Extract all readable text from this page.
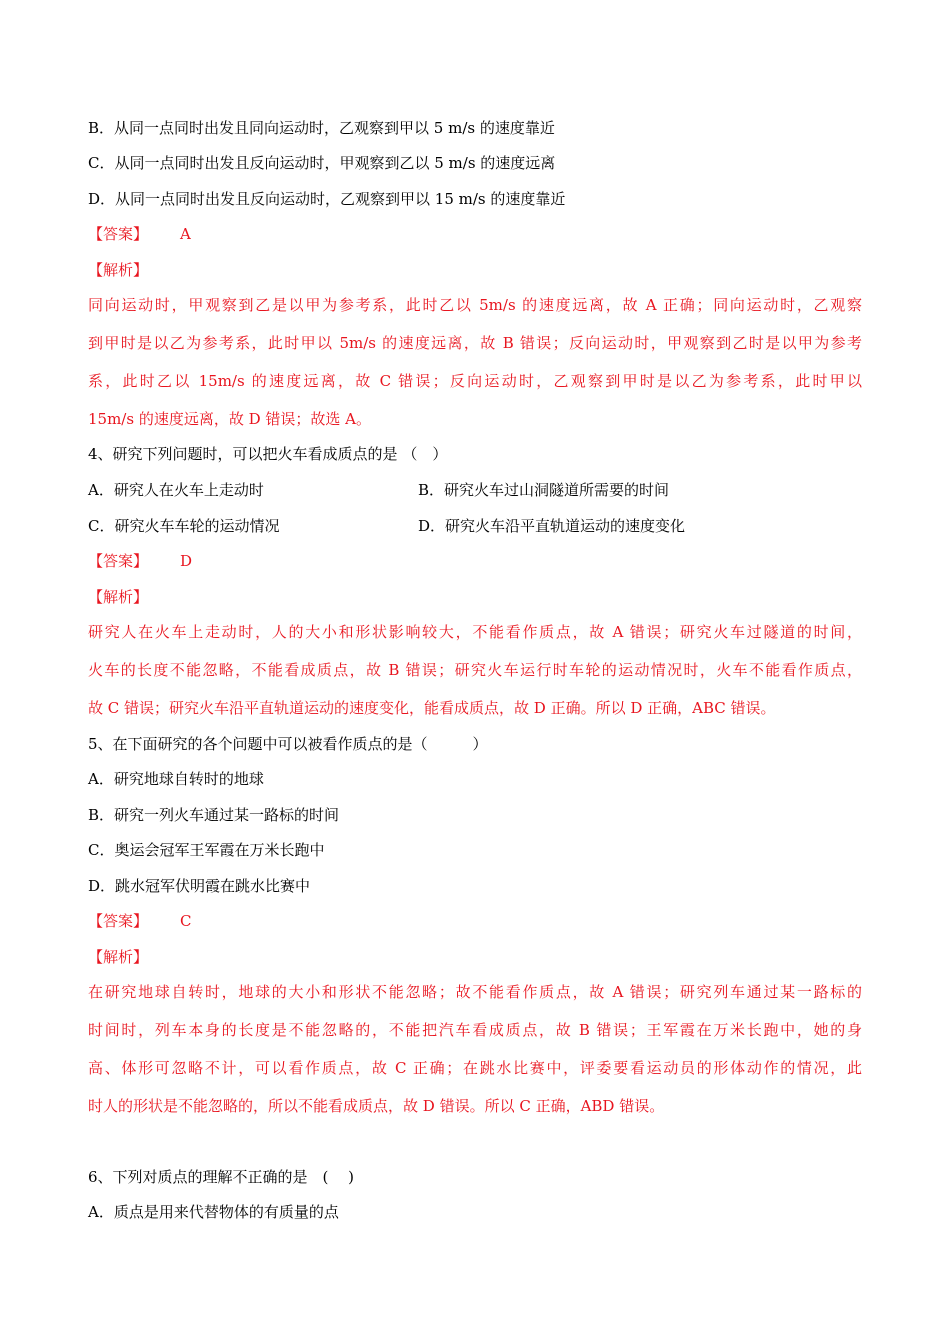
B．从同一点同时出发且同向运动时，乙观察到甲以 5 m/s 的速度靠近
C．从同一点同时出发且反向运动时，甲观察到乙以 5 m/s 的速度远离
D．从同一点同时出发且反向运动时，乙观察到甲以 15 m/s 的速度靠近
【答案】 A
【解析】
同向运动时，甲观察到乙是以甲为参考系，此时乙以 5m/s 的速度远离，故 A 正确；同向运动时，乙观察
到甲时是以乙为参考系，此时甲以 5m/s 的速度远离，故 B 错误；反向运动时，甲观察到乙时是以甲为参考
系，此时乙以 15m/s 的速度远离，故 C 错误；反向运动时，乙观察到甲时是以乙为参考系，此时甲以
15m/s 的速度远离，故 D 错误；故选 A。
4、研究下列问题时，可以把火车看成质点的是 （　）
A．研究人在火车上走动时	B．研究火车过山洞隧道所需要的时间
C．研究火车车轮的运动情况	D．研究火车沿平直轨道运动的速度变化
【答案】 D
【解析】
研究人在火车上走动时，人的大小和形状影响较大，不能看作质点，故 A 错误；研究火车过隧道的时间，
火车的长度不能忽略，不能看成质点，故 B 错误；研究火车运行时车轮的运动情况时，火车不能看作质点，
故 C 错误；研究火车沿平直轨道运动的速度变化，能看成质点，故 D 正确。所以 D 正确，ABC 错误。
5、在下面研究的各个问题中可以被看作质点的是（　　　）
A．研究地球自转时的地球
B．研究一列火车通过某一路标的时间
C．奥运会冠军王军霞在万米长跑中
D．跳水冠军伏明霞在跳水比赛中
【答案】 C
【解析】
在研究地球自转时，地球的大小和形状不能忽略；故不能看作质点，故 A 错误；研究列车通过某一路标的
时间时，列车本身的长度是不能忽略的，不能把汽车看成质点，故 B 错误；王军霞在万米长跑中，她的身
高、体形可忽略不计，可以看作质点，故 C 正确；在跳水比赛中，评委要看运动员的形体动作的情况，此
时人的形状是不能忽略的，所以不能看成质点，故 D 错误。所以 C 正确，ABD 错误。
6、下列对质点的理解不正确的是　(　 )
A．质点是用来代替物体的有质量的点
